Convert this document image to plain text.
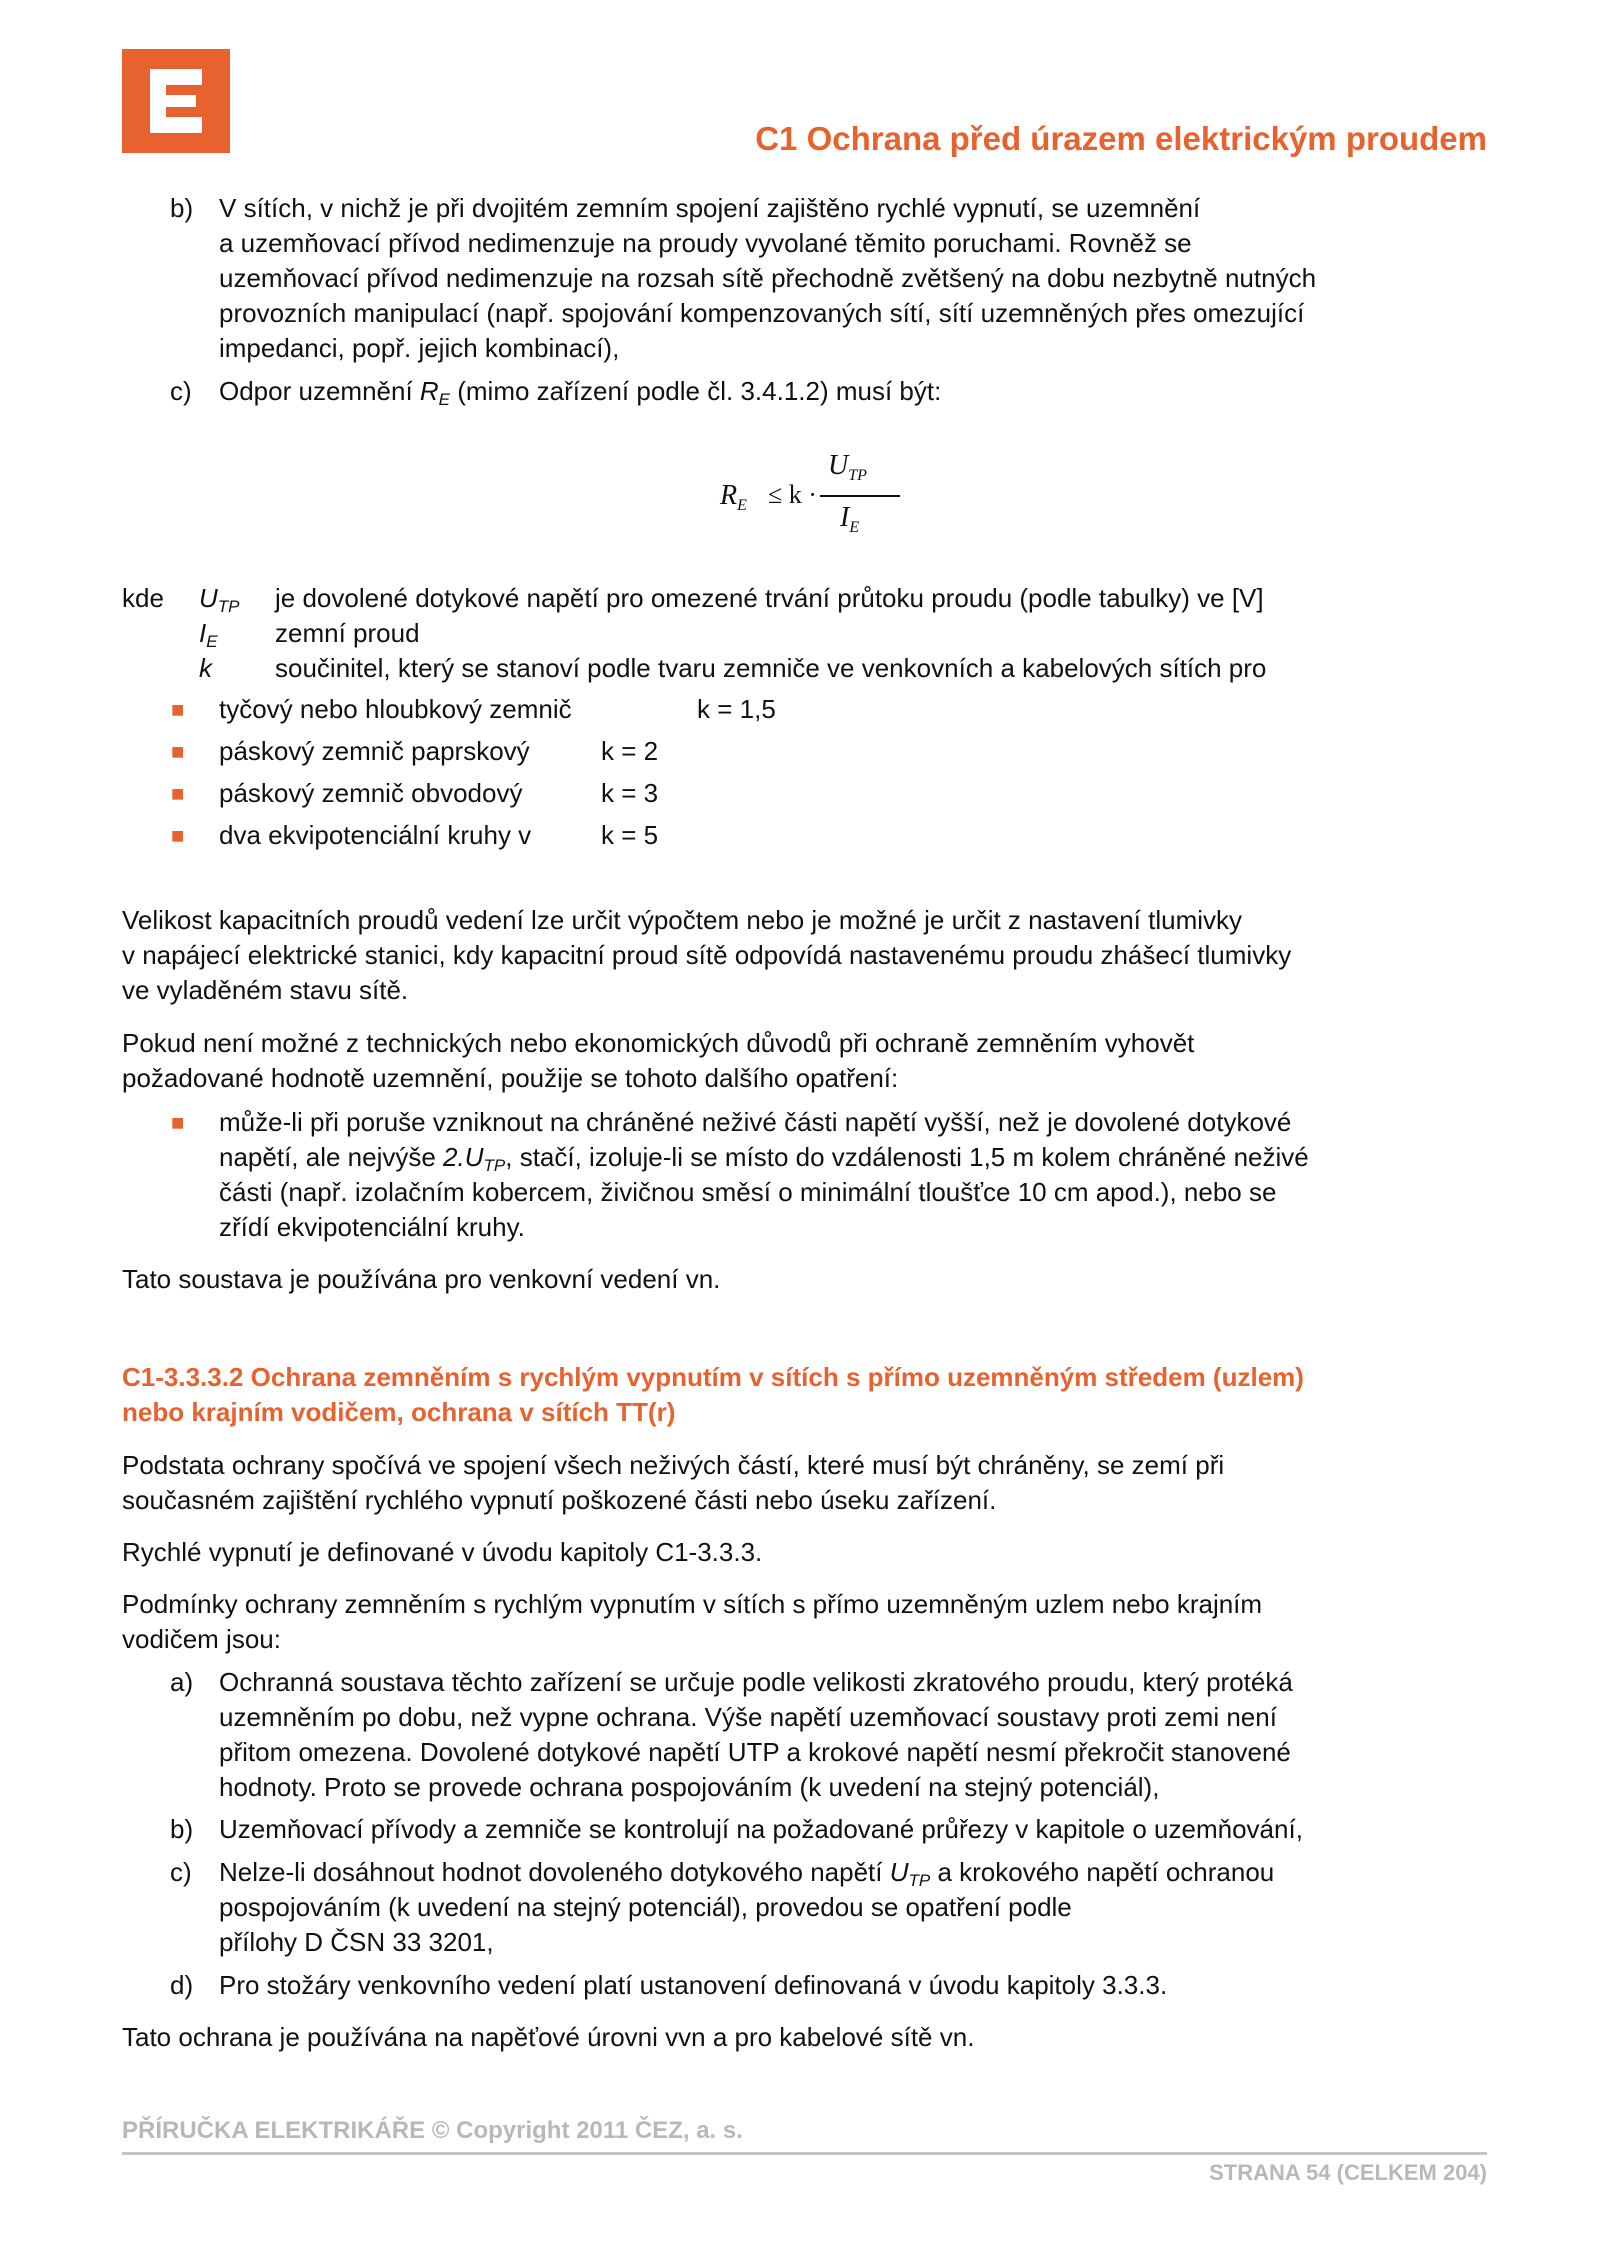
C1 Ochrana před úrazem elektrickým proudem
b) V sítích, v nichž je při dvojitém zemním spojení zajištěno rychlé vypnutí, se uzemnění
a uzemňovací přívod nedimenzuje na proudy vyvolané těmito poruchami. Rovněž se
uzemňovací přívod nedimenzuje na rozsah sítě přechodně zvětšený na dobu nezbytně nutných
provozních manipulací (např. spojování kompenzovaných sítí, sítí uzemněných přes omezující
impedanci, popř. jejich kombinací),
c) Odpor uzemnění $R_E$ (mimo zařízení podle čl. 3.4.1.2) musí být:
$R_E \le k$ ·
$U_{TP}$
$I_E$
kde $U_{TP}$ je dovolené dotykové napětí pro omezené trvání průtoku proudu (podle tabulky) ve [V]
$I_E$ zemní proud
k součinitel, který se stanoví podle tvaru zemniče ve venkovních a kabelových sítích pro
■ tyčový nebo hloubkový zemnič	k = 1,5
■ páskový zemnič paprskový	k = 2
■ páskový zemnič obvodový	k = 3
■ dva ekvipotenciální kruhy v	k = 5
Velikost kapacitních proudů vedení lze určit výpočtem nebo je možné je určit z nastavení tlumivky
v napájecí elektrické stanici, kdy kapacitní proud sítě odpovídá nastavenému proudu zhášecí tlumivky
ve vyladěném stavu sítě.
Pokud není možné z technických nebo ekonomických důvodů při ochraně zemněním vyhovět
požadované hodnotě uzemnění, použije se tohoto dalšího opatření:
■ může-li při poruše vzniknout na chráněné neživé části napětí vyšší, než je dovolené dotykové
napětí, ale nejvýše $2.U_{TP}$, stačí, izoluje-li se místo do vzdálenosti 1,5 m kolem chráněné neživé
části (např. izolačním kobercem, živičnou směsí o minimální tloušťce 10 cm apod.), nebo se
zřídí ekvipotenciální kruhy.
Tato soustava je používána pro venkovní vedení vn.
C1-3.3.3.2 Ochrana zemněním s rychlým vypnutím v sítích s přímo uzemněným středem (uzlem)
nebo krajním vodičem, ochrana v sítích TT(r)
Podstata ochrany spočívá ve spojení všech neživých částí, které musí být chráněny, se zemí při
současném zajištění rychlého vypnutí poškozené části nebo úseku zařízení.
Rychlé vypnutí je definované v úvodu kapitoly C1-3.3.3.
Podmínky ochrany zemněním s rychlým vypnutím v sítích s přímo uzemněným uzlem nebo krajním
vodičem jsou:
a) Ochranná soustava těchto zařízení se určuje podle velikosti zkratového proudu, který protéká
uzemněním po dobu, než vypne ochrana. Výše napětí uzemňovací soustavy proti zemi není
přitom omezena. Dovolené dotykové napětí UTP a krokové napětí nesmí překročit stanovené
hodnoty. Proto se provede ochrana pospojováním (k uvedení na stejný potenciál),
b) Uzemňovací přívody a zemniče se kontrolují na požadované průřezy v kapitole o uzemňování,
c) Nelze-li dosáhnout hodnot dovoleného dotykového napětí $U_{TP}$ a krokového napětí ochranou
pospojováním (k uvedení na stejný potenciál), provedou se opatření podle
přílohy D ČSN 33 3201,
d) Pro stožáry venkovního vedení platí ustanovení definovaná v úvodu kapitoly 3.3.3.
Tato ochrana je používána na napěťové úrovni vvn a pro kabelové sítě vn.
PŘÍRUČKA ELEKTRIKÁŘE © Copyright 2011 ČEZ, a. s.
STRANA 54 (CELKEM 204)
